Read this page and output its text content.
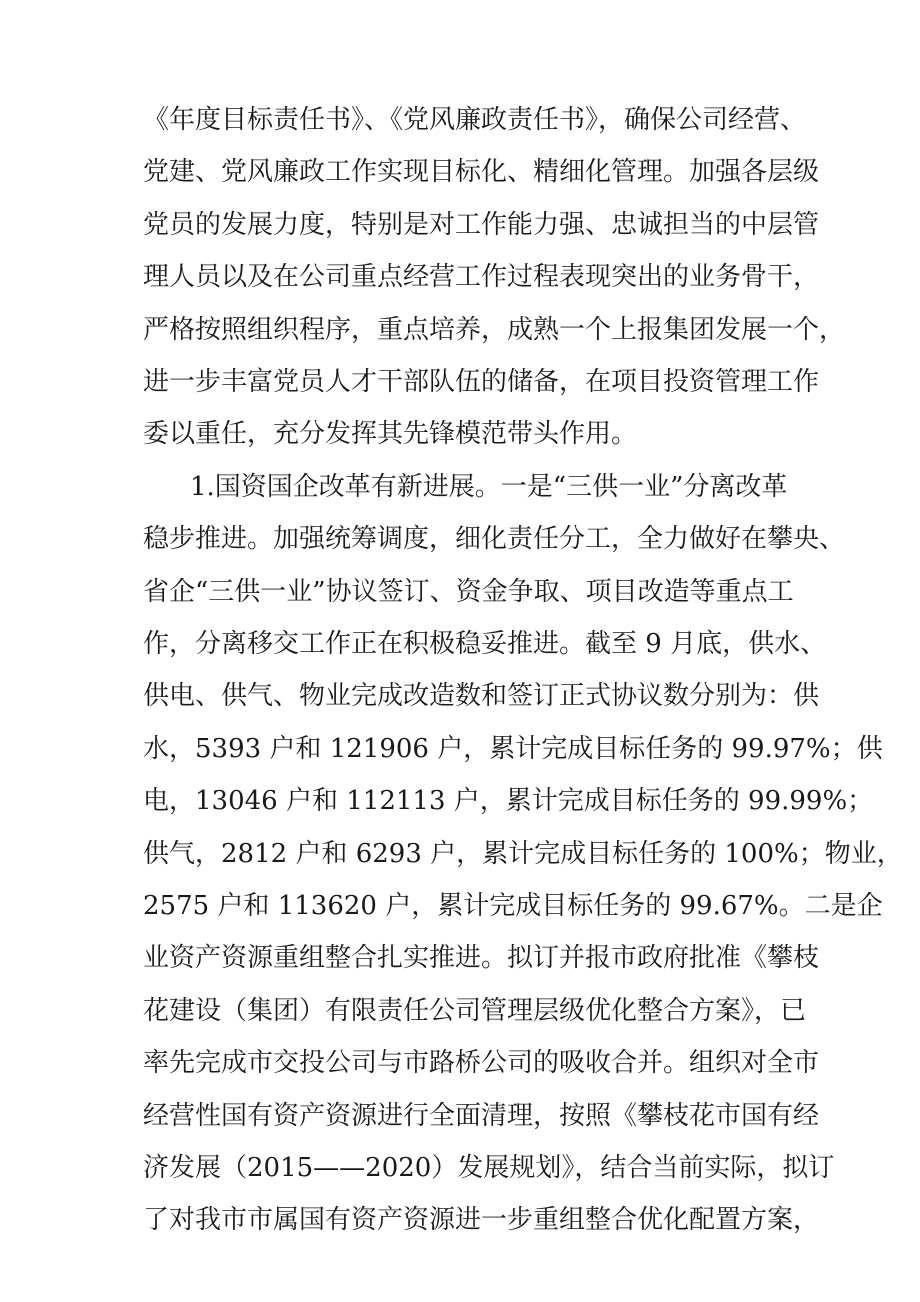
《年度目标责任书》、《党风廉政责任书》，确保公司经营、

党建、党风廉政工作实现目标化、精细化管理。加强各层级

党员的发展力度，特别是对工作能力强、忠诚担当的中层管

理人员以及在公司重点经营工作过程表现突出的业务骨干，

严格按照组织程序，重点培养，成熟一个上报集团发展一个，

进一步丰富党员人才干部队伍的储备，在项目投资管理工作

委以重任，充分发挥其先锋模范带头作用。

1.国资国企改革有新进展。一是“三供一业”分离改革

稳步推进。加强统筹调度，细化责任分工，全力做好在攀央、

省企“三供一业”协议签订、资金争取、项目改造等重点工

作，分离移交工作正在积极稳妥推进。截至 9 月底，供水、

供电、供气、物业完成改造数和签订正式协议数分别为：供

水，5393 户和 121906 户，累计完成目标任务的 99.97%；供

电，13046 户和 112113 户，累计完成目标任务的 99.99%；

供气，2812 户和 6293 户，累计完成目标任务的 100%；物业，

2575 户和 113620 户，累计完成目标任务的 99.67%。二是企

业资产资源重组整合扎实推进。拟订并报市政府批准《攀枝

花建设（集团）有限责任公司管理层级优化整合方案》，已

率先完成市交投公司与市路桥公司的吸收合并。组织对全市

经营性国有资产资源进行全面清理，按照《攀枝花市国有经

济发展（2015——2020）发展规划》，结合当前实际，拟订

了对我市市属国有资产资源进一步重组整合优化配置方案，
